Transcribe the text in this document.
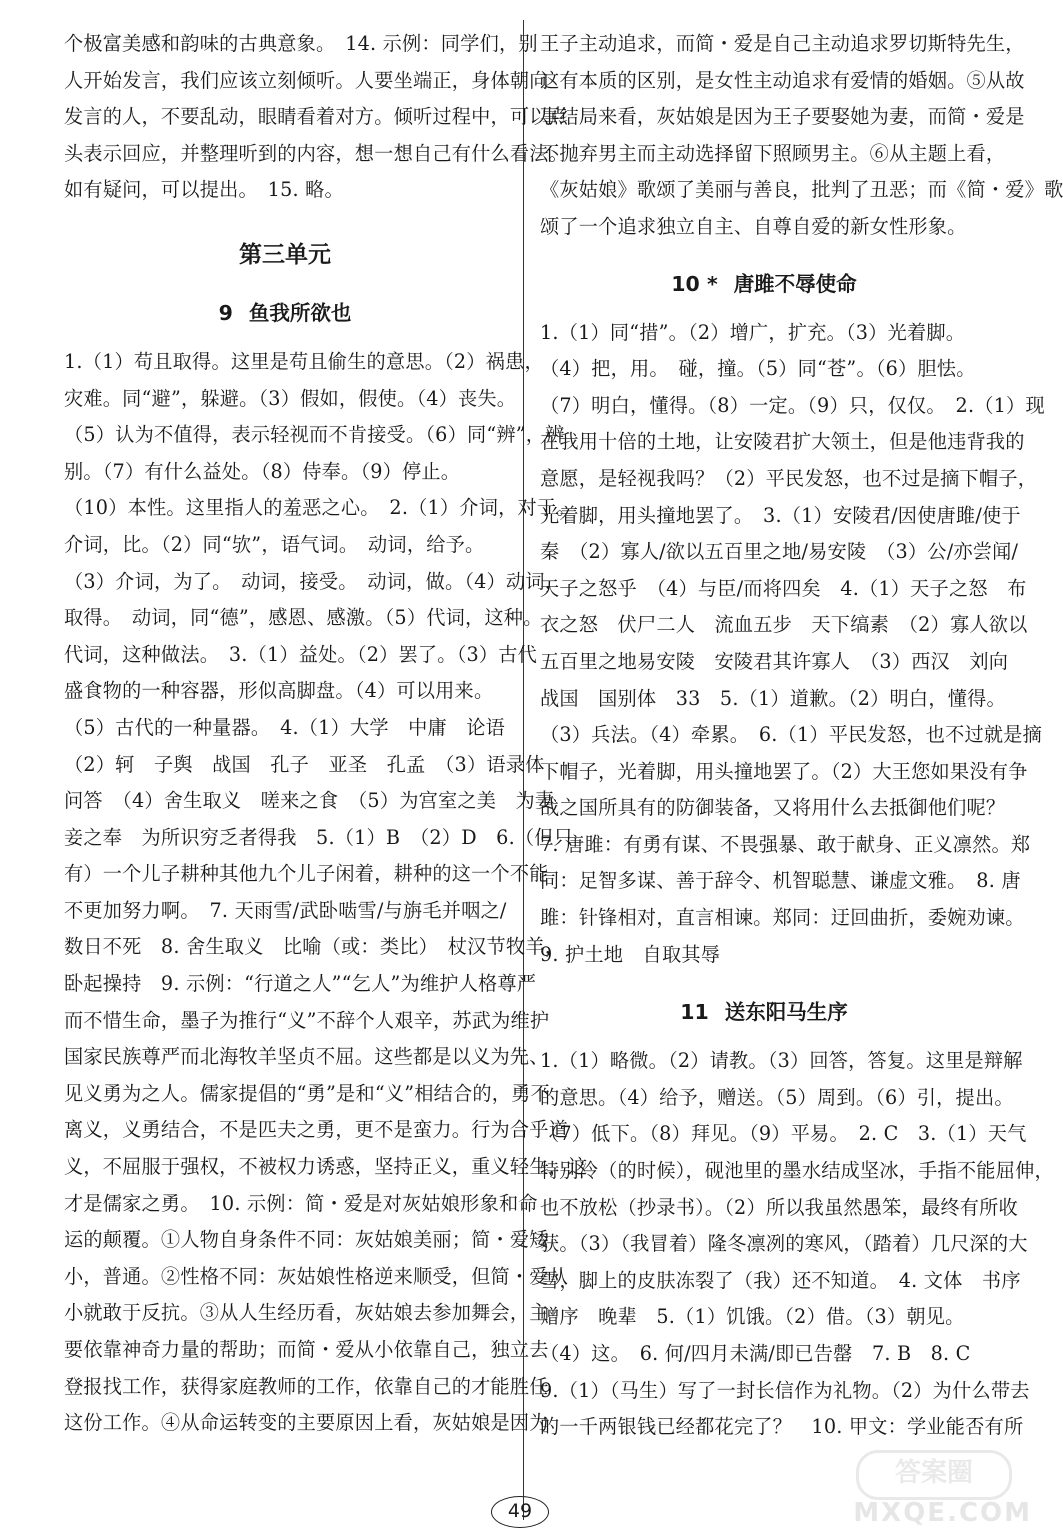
个极富美感和韵味的古典意象。　14. 示例：同学们，别
人开始发言，我们应该立刻倾听。人要坐端正，身体朝向
发言的人，不要乱动，眼睛看着对方。倾听过程中，可以点
头表示回应，并整理听到的内容，想一想自己有什么看法。
如有疑问，可以提出。　15. 略。
第三单元
9 鱼我所欲也
1.（1）苟且取得。这里是苟且偷生的意思。（2）祸患，
灾难。同“避”，躲避。（3）假如，假使。（4）丧失。
（5）认为不值得，表示轻视而不肯接受。（6）同“辨”，辨
别。（7）有什么益处。（8）侍奉。（9）停止。
（10）本性。这里指人的羞恶之心。　2.（1）介词，对于。
介词，比。（2）同“欤”，语气词。　动词，给予。
（3）介词，为了。　动词，接受。　动词，做。（4）动词，
取得。　动词，同“德”，感恩、感激。（5）代词，这种。
代词，这种做法。　3.（1）益处。（2）罢了。（3）古代
盛食物的一种容器，形似高脚盘。（4）可以用来。
（5）古代的一种量器。　4.（1）大学　中庸　论语
（2）轲　子舆　战国　孔子　亚圣　孔孟　（3）语录体
问答　（4）舍生取义　嗟来之食　（5）为宫室之美　为妻
妾之奉　为所识穷乏者得我　5.（1）B　（2）D　6.（但只
有）一个儿子耕种其他九个儿子闲着，耕种的这一个不能
不更加努力啊。　7. 天雨雪/武卧啮雪/与旃毛并咽之/
数日不死　8. 舍生取义　比喻（或：类比）　杖汉节牧羊，
卧起操持　9. 示例：“行道之人”“乞人”为维护人格尊严
而不惜生命，墨子为推行“义”不辞个人艰辛，苏武为维护
国家民族尊严而北海牧羊坚贞不屈。这些都是以义为先、
见义勇为之人。儒家提倡的“勇”是和“义”相结合的，勇不
离义，义勇结合，不是匹夫之勇，更不是蛮力。行为合乎道
义，不屈服于强权，不被权力诱惑，坚持正义，重义轻生，这
才是儒家之勇。　10. 示例：简・爱是对灰姑娘形象和命
运的颠覆。①人物自身条件不同：灰姑娘美丽；简・爱矮
小，普通。②性格不同：灰姑娘性格逆来顺受，但简・爱从
小就敢于反抗。③从人生经历看，灰姑娘去参加舞会，主
要依靠神奇力量的帮助；而简・爱从小依靠自己，独立去
登报找工作，获得家庭教师的工作，依靠自己的才能胜任
这份工作。④从命运转变的主要原因上看，灰姑娘是因为
王子主动追求，而简・爱是自己主动追求罗切斯特先生，
这有本质的区别，是女性主动追求有爱情的婚姻。⑤从故
事结局来看，灰姑娘是因为王子要娶她为妻，而简・爱是
不抛弃男主而主动选择留下照顾男主。⑥从主题上看，
《灰姑娘》歌颂了美丽与善良，批判了丑恶；而《简・爱》歌
颂了一个追求独立自主、自尊自爱的新女性形象。
10 * 唐雎不辱使命
1.（1）同“措”。（2）增广，扩充。（3）光着脚。
（4）把，用。　碰，撞。（5）同“苍”。（6）胆怯。
（7）明白，懂得。（8）一定。（9）只，仅仅。　2.（1）现
在我用十倍的土地，让安陵君扩大领土，但是他违背我的
意愿，是轻视我吗？（2）平民发怒，也不过是摘下帽子，
光着脚，用头撞地罢了。　3.（1）安陵君/因使唐雎/使于
秦　（2）寡人/欲以五百里之地/易安陵　（3）公/亦尝闻/
天子之怒乎　（4）与臣/而将四矣　4.（1）天子之怒　布
衣之怒　伏尸二人　流血五步　天下缟素　（2）寡人欲以
五百里之地易安陵　安陵君其许寡人　（3）西汉　刘向
战国　国别体　33　5.（1）道歉。（2）明白，懂得。
（3）兵法。（4）牵累。　6.（1）平民发怒，也不过就是摘
下帽子，光着脚，用头撞地罢了。（2）大王您如果没有争
战之国所具有的防御装备，又将用什么去抵御他们呢？
7. 唐雎：有勇有谋、不畏强暴、敢于献身、正义凛然。郑
同：足智多谋、善于辞令、机智聪慧、谦虚文雅。　8. 唐
雎：针锋相对，直言相谏。郑同：迂回曲折，委婉劝谏。
9. 护土地　自取其辱
11 送东阳马生序
1.（1）略微。（2）请教。（3）回答，答复。这里是辩解
的意思。（4）给予，赠送。（5）周到。（6）引，提出。
（7）低下。（8）拜见。（9）平易。　2. C　3.（1）天气
特别冷（的时候），砚池里的墨水结成坚冰，手指不能屈伸，
也不放松（抄录书）。（2）所以我虽然愚笨，最终有所收
获。（3）（我冒着）隆冬凛冽的寒风，（踏着）几尺深的大
雪，脚上的皮肤冻裂了（我）还不知道。　4. 文体　书序
赠序　晚辈　5.（1）饥饿。（2）借。（3）朝见。
（4）这。　6. 何/四月未满/即已告罄　7. B　8. C
9.（1）（马生）写了一封长信作为礼物。（2）为什么带去
的一千两银钱已经都花完了？　10. 甲文：学业能否有所
49
答案圈
MXQE.COM
